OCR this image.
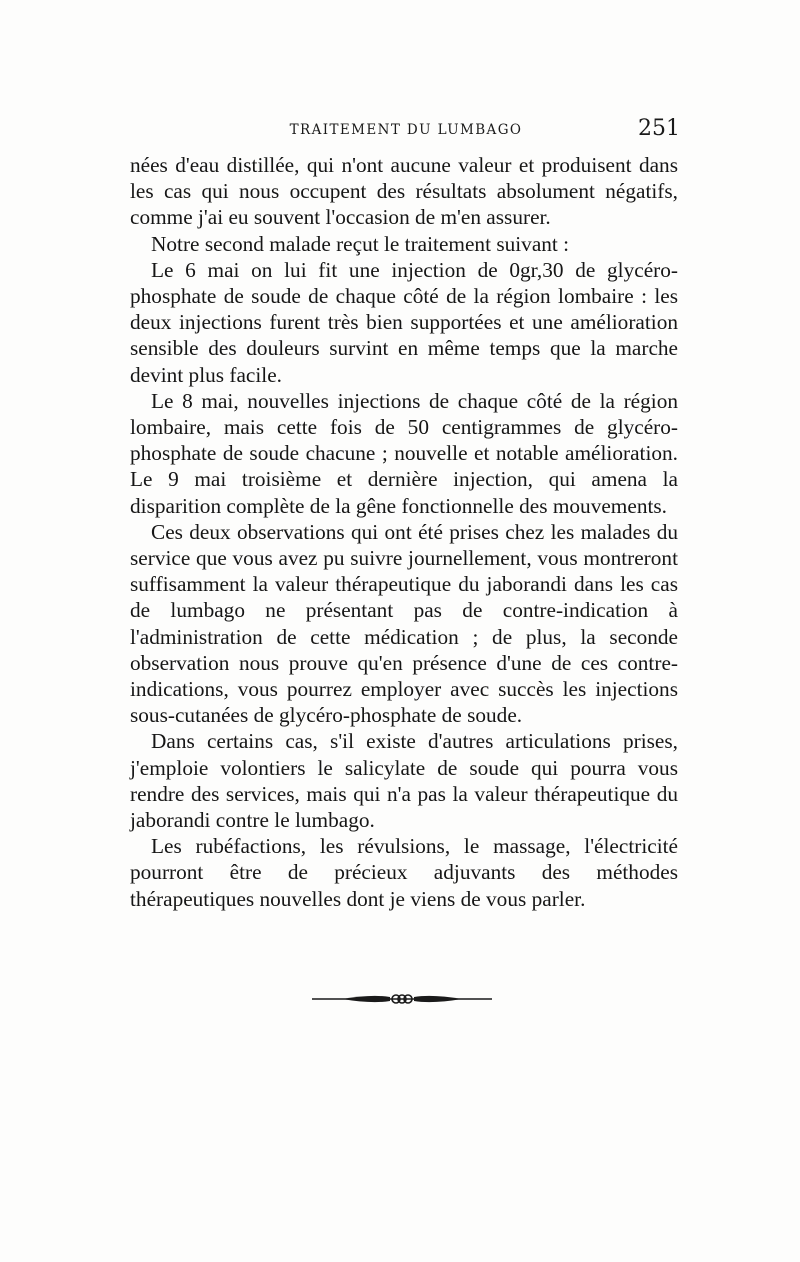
TRAITEMENT DU LUMBAGO	251

nées d'eau distillée, qui n'ont aucune valeur et produisent dans les cas qui nous occupent des résultats absolument négatifs, comme j'ai eu souvent l'occasion de m'en assurer.

Notre second malade reçut le traitement suivant :

Le 6 mai on lui fit une injection de 0gr,30 de glycéro-phosphate de soude de chaque côté de la région lombaire : les deux injections furent très bien supportées et une amélioration sensible des douleurs survint en même temps que la marche devint plus facile.

Le 8 mai, nouvelles injections de chaque côté de la région lombaire, mais cette fois de 50 centigrammes de glycéro-phosphate de soude chacune ; nouvelle et notable amélioration. Le 9 mai troisième et dernière injection, qui amena la disparition complète de la gêne fonctionnelle des mouvements.

Ces deux observations qui ont été prises chez les malades du service que vous avez pu suivre journellement, vous montreront suffisamment la valeur thérapeutique du jaborandi dans les cas de lumbago ne présentant pas de contre-indication à l'administration de cette médication ; de plus, la seconde observation nous prouve qu'en présence d'une de ces contre-indications, vous pourrez employer avec succès les injections sous-cutanées de glycéro-phosphate de soude.

Dans certains cas, s'il existe d'autres articulations prises, j'emploie volontiers le salicylate de soude qui pourra vous rendre des services, mais qui n'a pas la valeur thérapeutique du jaborandi contre le lumbago.

Les rubéfactions, les révulsions, le massage, l'électricité pourront être de précieux adjuvants des méthodes thérapeutiques nouvelles dont je viens de vous parler.
